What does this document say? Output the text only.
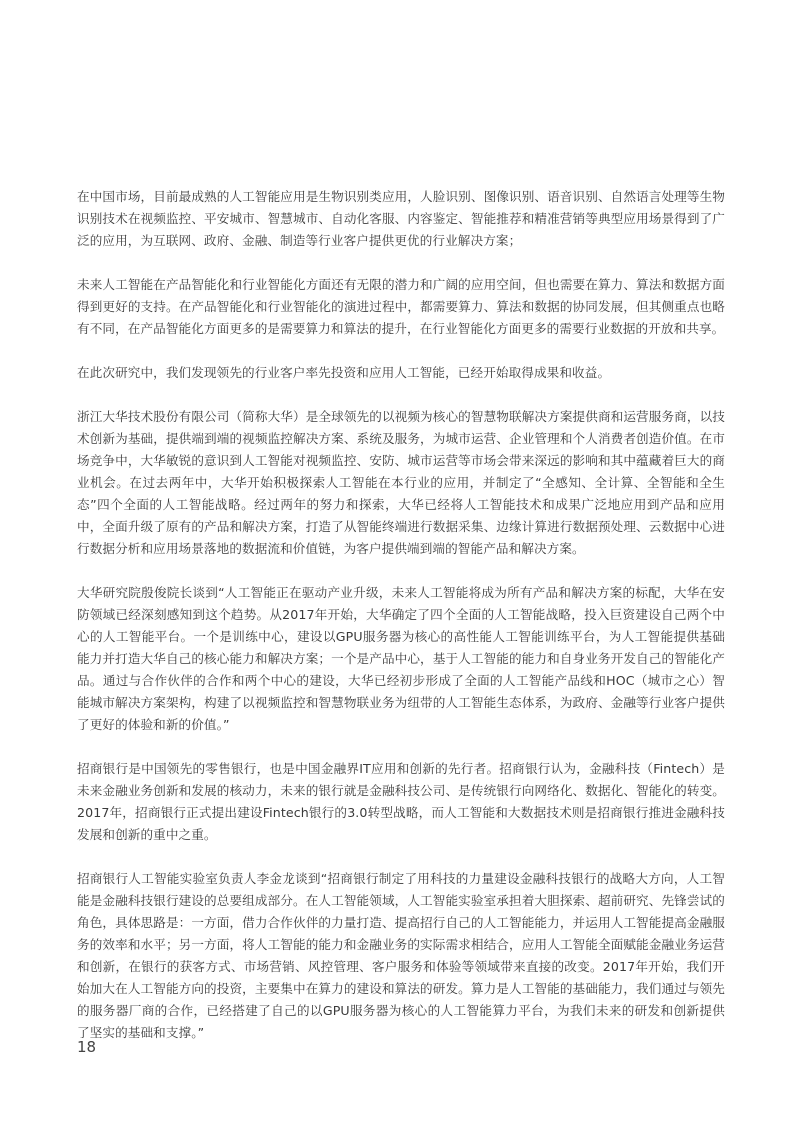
在中国市场，目前最成熟的人工智能应用是生物识别类应用，人脸识别、图像识别、语音识别、自然语言处理等生物识别技术在视频监控、平安城市、智慧城市、自动化客服、内容鉴定、智能推荐和精准营销等典型应用场景得到了广泛的应用，为互联网、政府、金融、制造等行业客户提供更优的行业解决方案；

未来人工智能在产品智能化和行业智能化方面还有无限的潜力和广阔的应用空间，但也需要在算力、算法和数据方面得到更好的支持。在产品智能化和行业智能化的演进过程中，都需要算力、算法和数据的协同发展，但其侧重点也略有不同，在产品智能化方面更多的是需要算力和算法的提升，在行业智能化方面更多的需要行业数据的开放和共享。

在此次研究中，我们发现领先的行业客户率先投资和应用人工智能，已经开始取得成果和收益。

浙江大华技术股份有限公司（简称大华）是全球领先的以视频为核心的智慧物联解决方案提供商和运营服务商，以技术创新为基础，提供端到端的视频监控解决方案、系统及服务，为城市运营、企业管理和个人消费者创造价值。在市场竞争中，大华敏锐的意识到人工智能对视频监控、安防、城市运营等市场会带来深远的影响和其中蕴藏着巨大的商业机会。在过去两年中，大华开始积极探索人工智能在本行业的应用，并制定了“全感知、全计算、全智能和全生态”四个全面的人工智能战略。经过两年的努力和探索，大华已经将人工智能技术和成果广泛地应用到产品和应用中，全面升级了原有的产品和解决方案，打造了从智能终端进行数据采集、边缘计算进行数据预处理、云数据中心进行数据分析和应用场景落地的数据流和价值链，为客户提供端到端的智能产品和解决方案。

大华研究院殷俊院长谈到“人工智能正在驱动产业升级，未来人工智能将成为所有产品和解决方案的标配，大华在安防领域已经深刻感知到这个趋势。从2017年开始，大华确定了四个全面的人工智能战略，投入巨资建设自己两个中心的人工智能平台。一个是训练中心，建设以GPU服务器为核心的高性能人工智能训练平台，为人工智能提供基础能力并打造大华自己的核心能力和解决方案；一个是产品中心，基于人工智能的能力和自身业务开发自己的智能化产品。通过与合作伙伴的合作和两个中心的建设，大华已经初步形成了全面的人工智能产品线和HOC（城市之心）智能城市解决方案架构，构建了以视频监控和智慧物联业务为纽带的人工智能生态体系，为政府、金融等行业客户提供了更好的体验和新的价值。”

招商银行是中国领先的零售银行，也是中国金融界IT应用和创新的先行者。招商银行认为，金融科技（Fintech）是未来金融业务创新和发展的核动力，未来的银行就是金融科技公司、是传统银行向网络化、数据化、智能化的转变。2017年，招商银行正式提出建设Fintech银行的3.0转型战略，而人工智能和大数据技术则是招商银行推进金融科技发展和创新的重中之重。

招商银行人工智能实验室负责人李金龙谈到“招商银行制定了用科技的力量建设金融科技银行的战略大方向，人工智能是金融科技银行建设的总要组成部分。在人工智能领域，人工智能实验室承担着大胆探索、超前研究、先锋尝试的角色，具体思路是：一方面，借力合作伙伴的力量打造、提高招行自己的人工智能能力，并运用人工智能提高金融服务的效率和水平；另一方面，将人工智能的能力和金融业务的实际需求相结合，应用人工智能全面赋能金融业务运营和创新，在银行的获客方式、市场营销、风控管理、客户服务和体验等领域带来直接的改变。2017年开始，我们开始加大在人工智能方向的投资，主要集中在算力的建设和算法的研发。算力是人工智能的基础能力，我们通过与领先的服务器厂商的合作，已经搭建了自己的以GPU服务器为核心的人工智能算力平台，为我们未来的研发和创新提供了坚实的基础和支撑。”

18
